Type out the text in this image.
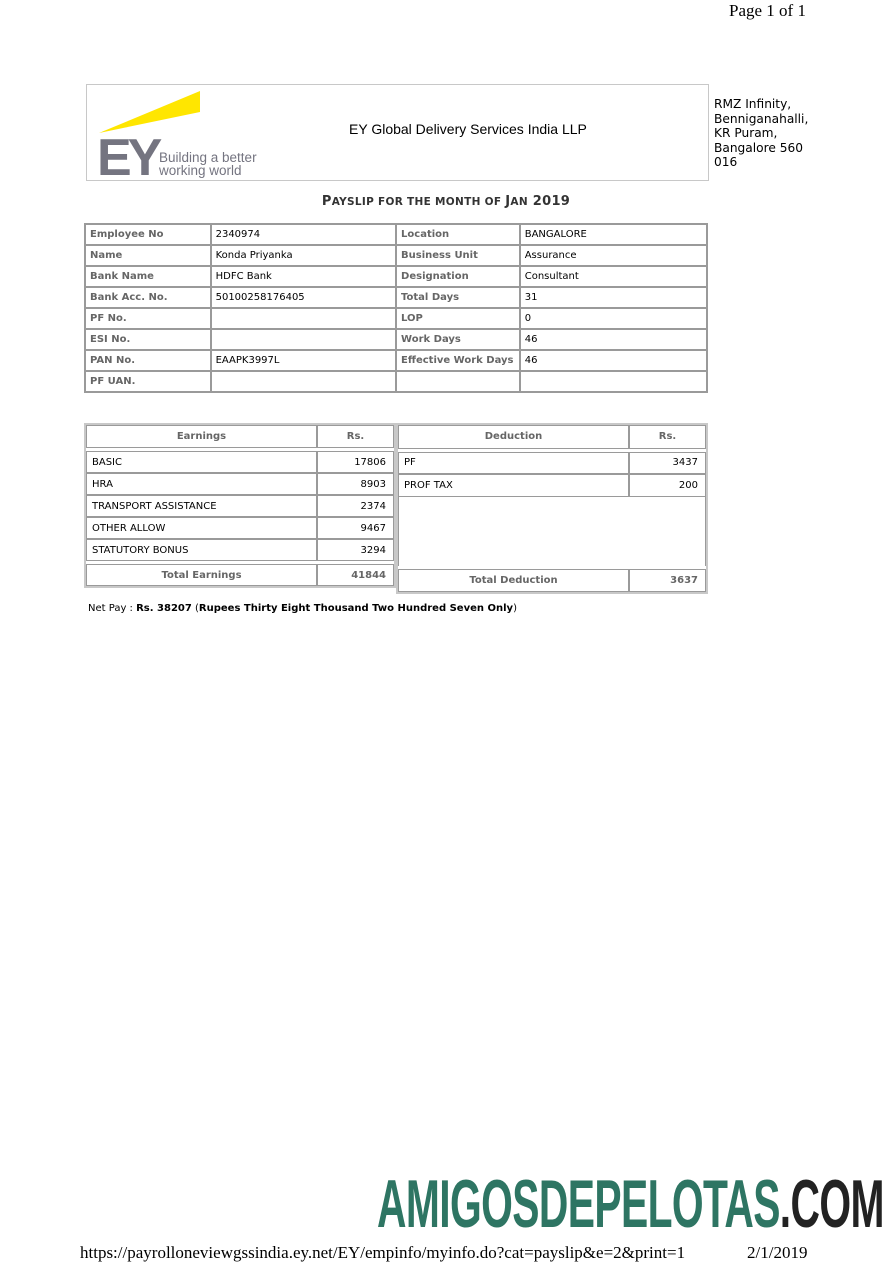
Page 1 of 1
EY Building a better
working world
EY Global Delivery Services India LLP
RMZ Infinity,
Benniganahalli,
KR Puram,
Bangalore 560
016
PAYSLIP FOR THE MONTH OF JAN 2019
Employee No	2340974	Location	BANGALORE
Name	Konda Priyanka	Business Unit	Assurance
Bank Name	HDFC Bank	Designation	Consultant
Bank Acc. No.	50100258176405	Total Days	31
PF No.		LOP	0
ESI No.		Work Days	46
PAN No.	EAAPK3997L	Effective Work Days	46
PF UAN.			
Earnings	Rs.

BASIC	17806
HRA	8903
TRANSPORT ASSISTANCE	2374
OTHER ALLOW	9467
STATUTORY BONUS	3294

Total Earnings	41844
Deduction	Rs.

PF	3437
PROF TAX	200

Total Deduction	3637
Net Pay : Rs. 38207 (Rupees Thirty Eight Thousand Two Hundred Seven Only)
AMIGOSDEPELOTAS.COM
https://payrolloneviewgssindia.ey.net/EY/empinfo/myinfo.do?cat=payslip&e=2&print=1	2/1/2019
